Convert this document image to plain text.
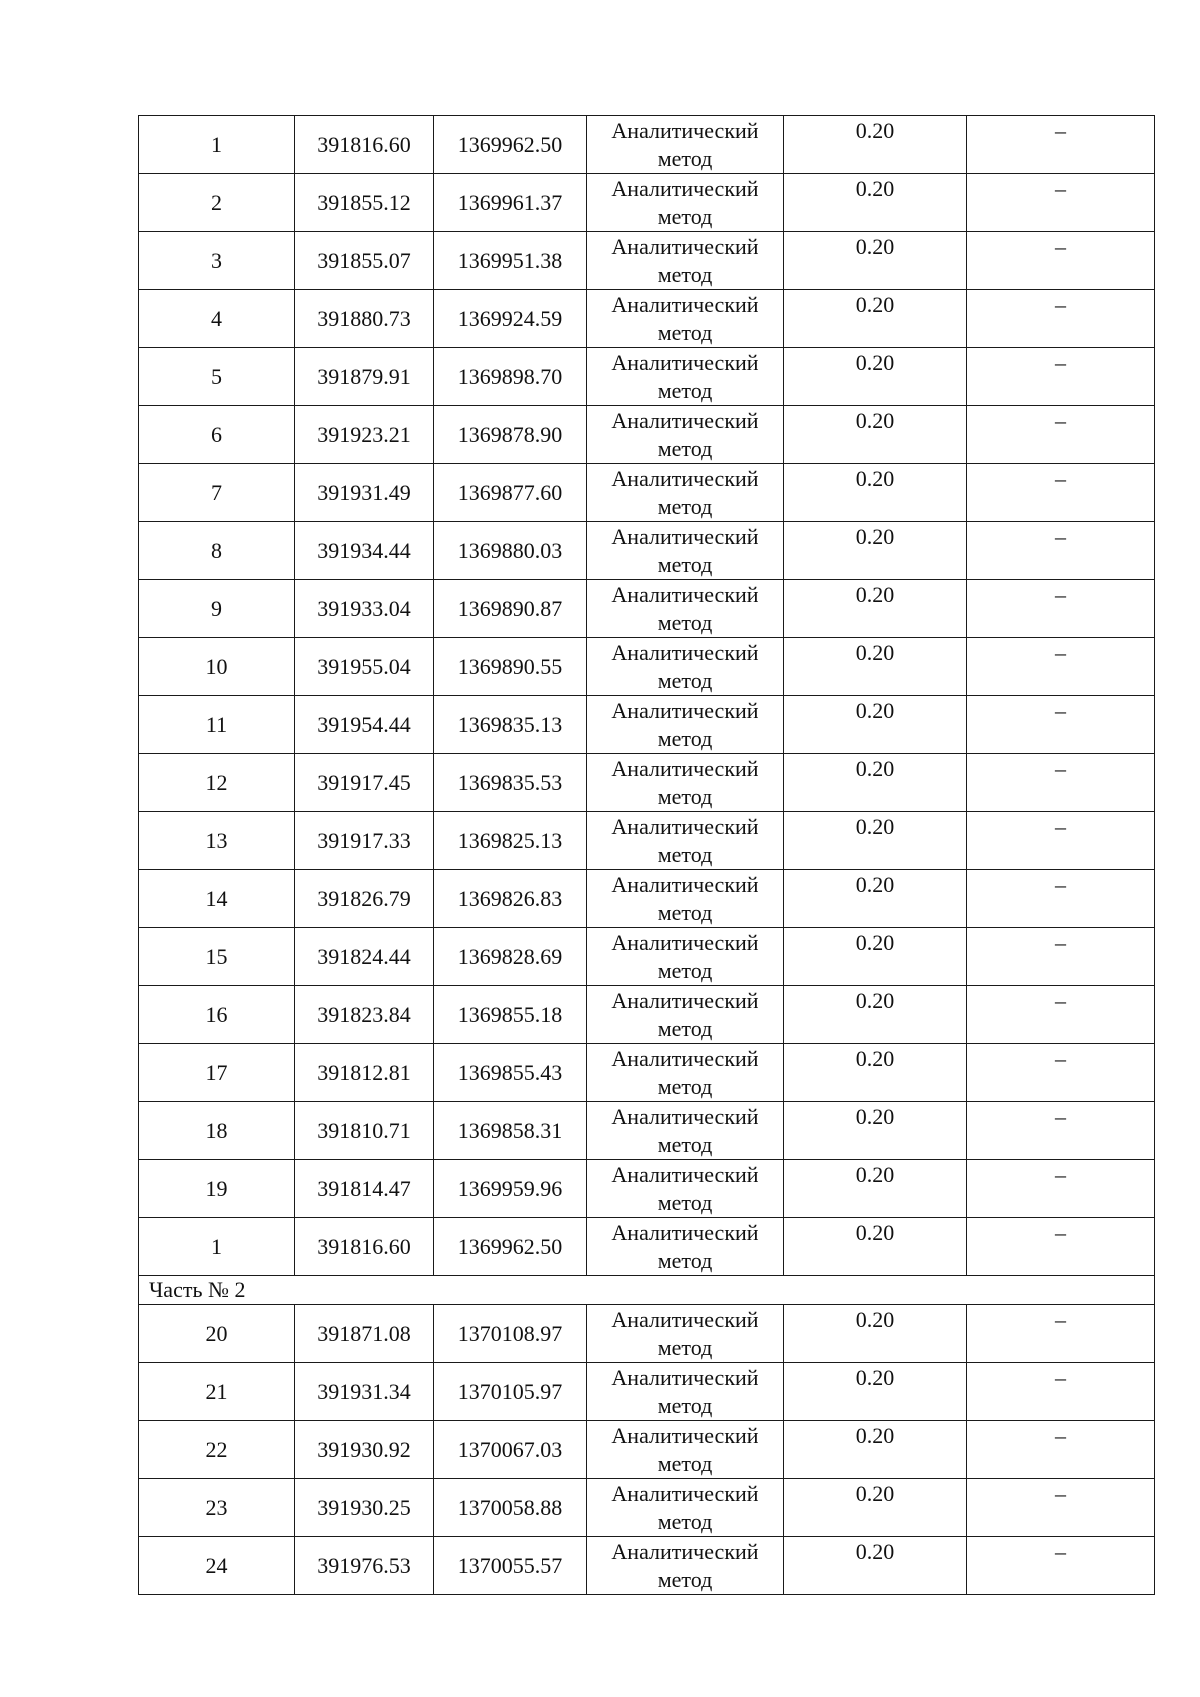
1	391816.60	1369962.50	Аналитический
метод	0.20	–
2	391855.12	1369961.37	Аналитический
метод	0.20	–
3	391855.07	1369951.38	Аналитический
метод	0.20	–
4	391880.73	1369924.59	Аналитический
метод	0.20	–
5	391879.91	1369898.70	Аналитический
метод	0.20	–
6	391923.21	1369878.90	Аналитический
метод	0.20	–
7	391931.49	1369877.60	Аналитический
метод	0.20	–
8	391934.44	1369880.03	Аналитический
метод	0.20	–
9	391933.04	1369890.87	Аналитический
метод	0.20	–
10	391955.04	1369890.55	Аналитический
метод	0.20	–
11	391954.44	1369835.13	Аналитический
метод	0.20	–
12	391917.45	1369835.53	Аналитический
метод	0.20	–
13	391917.33	1369825.13	Аналитический
метод	0.20	–
14	391826.79	1369826.83	Аналитический
метод	0.20	–
15	391824.44	1369828.69	Аналитический
метод	0.20	–
16	391823.84	1369855.18	Аналитический
метод	0.20	–
17	391812.81	1369855.43	Аналитический
метод	0.20	–
18	391810.71	1369858.31	Аналитический
метод	0.20	–
19	391814.47	1369959.96	Аналитический
метод	0.20	–
1	391816.60	1369962.50	Аналитический
метод	0.20	–
Часть № 2					
20	391871.08	1370108.97	Аналитический
метод	0.20	–
21	391931.34	1370105.97	Аналитический
метод	0.20	–
22	391930.92	1370067.03	Аналитический
метод	0.20	–
23	391930.25	1370058.88	Аналитический
метод	0.20	–
24	391976.53	1370055.57	Аналитический
метод	0.20	–
